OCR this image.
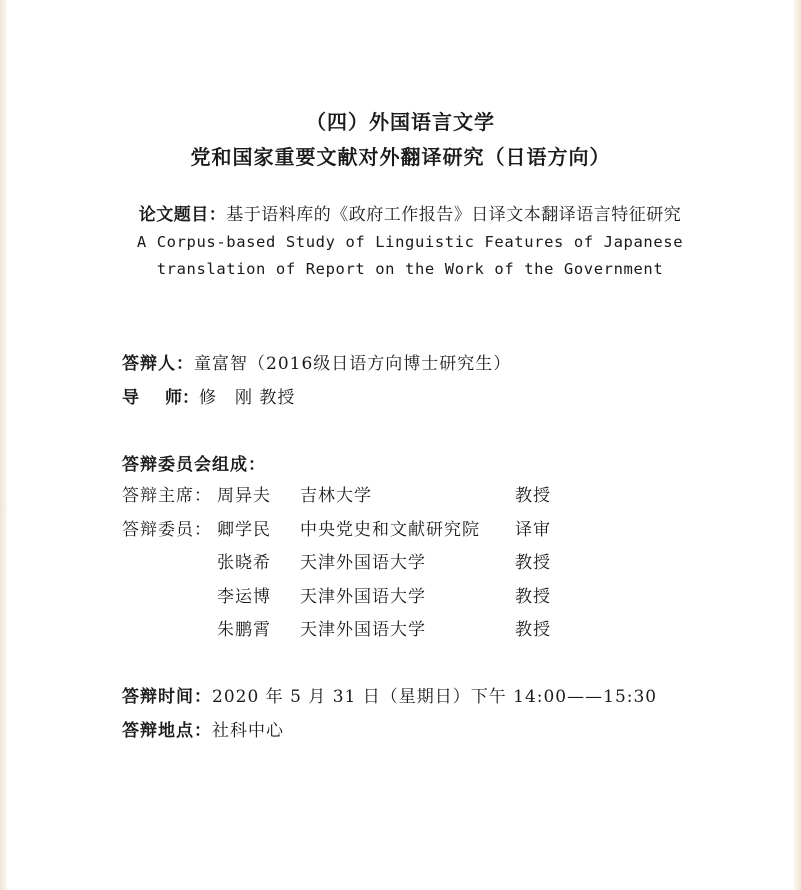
（四）外国语言文学
党和国家重要文献对外翻译研究（日语方向）
论文题目：基于语料库的《政府工作报告》日译文本翻译语言特征研究
A Corpus-based Study of Linguistic Features of Japanese
translation of Report on the Work of the Government
答辩人：童富智（2016级日语方向博士研究生）
导 师：修　刚 教授
答辩委员会组成：
答辩主席： 周异夫 吉林大学	教授
答辩委员： 卿学民 中央党史和文献研究院 译审
张晓希 天津外国语大学	教授
李运博 天津外国语大学	教授
朱鹏霄 天津外国语大学	教授
答辩时间：2020 年 5 月 31 日（星期日）下午 14:00——15:30
答辩地点：社科中心
